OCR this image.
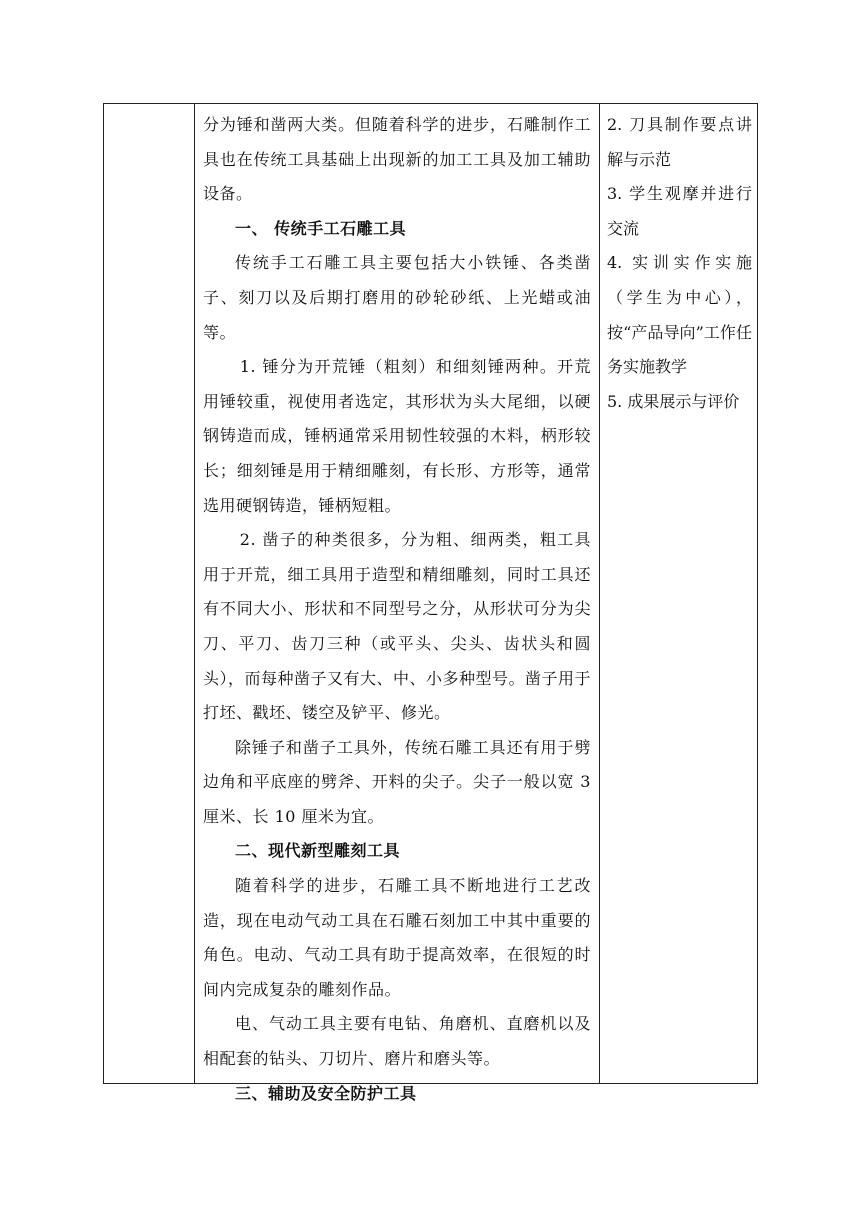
分为锤和凿两大类。但随着科学的进步，石雕制作工具也在传统工具基础上出现新的加工工具及加工辅助设备。

一、 传统手工石雕工具

传统手工石雕工具主要包括大小铁锤、各类凿子、刻刀以及后期打磨用的砂轮砂纸、上光蜡或油等。

1. 锤分为开荒锤（粗刻）和细刻锤两种。开荒用锤较重，视使用者选定，其形状为头大尾细，以硬钢铸造而成，锤柄通常采用韧性较强的木料，柄形较长；细刻锤是用于精细雕刻，有长形、方形等，通常选用硬钢铸造，锤柄短粗。

2. 凿子的种类很多，分为粗、细两类，粗工具用于开荒，细工具用于造型和精细雕刻，同时工具还有不同大小、形状和不同型号之分，从形状可分为尖刀、平刀、齿刀三种（或平头、尖头、齿状头和圆头），而每种凿子又有大、中、小多种型号。凿子用于打坯、戳坯、镂空及铲平、修光。

除锤子和凿子工具外，传统石雕工具还有用于劈边角和平底座的劈斧、开料的尖子。尖子一般以宽 3 厘米、长 10 厘米为宜。

二、现代新型雕刻工具

随着科学的进步，石雕工具不断地进行工艺改造，现在电动气动工具在石雕石刻加工中其中重要的角色。电动、气动工具有助于提高效率，在很短的时间内完成复杂的雕刻作品。

电、气动工具主要有电钻、角磨机、直磨机以及相配套的钻头、刀切片、磨片和磨头等。

三、辅助及安全防护工具

2. 刀具制作要点讲解与示范

3. 学生观摩并进行交流

4. 实训实作实施（学生为中心），按“产品导向”工作任务实施教学

5. 成果展示与评价
